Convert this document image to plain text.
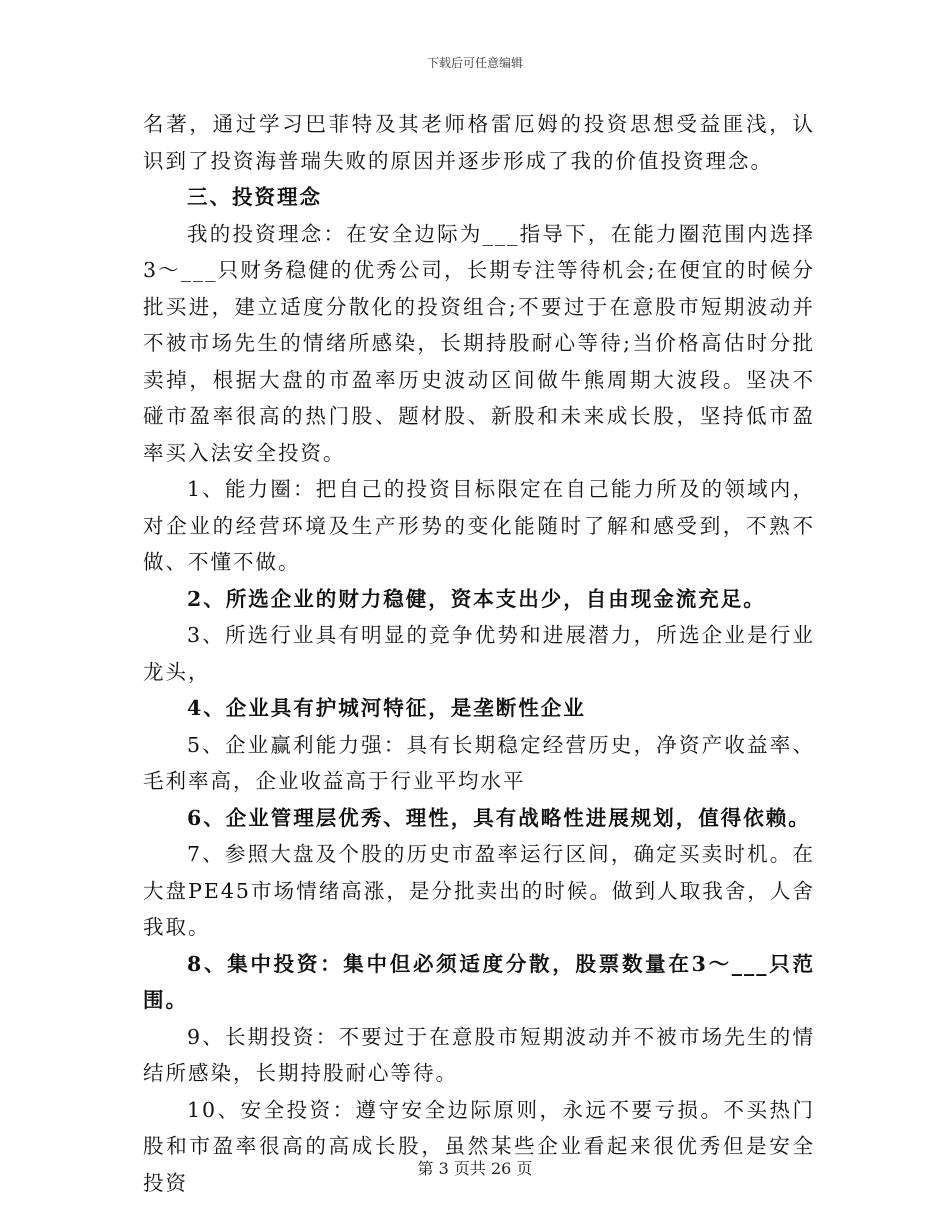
下载后可任意编辑

名著，通过学习巴菲特及其老师格雷厄姆的投资思想受益匪浅，认识到了投资海普瑞失败的原因并逐步形成了我的价值投资理念。

三、投资理念

我的投资理念：在安全边际为___指导下，在能力圈范围内选择3～___只财务稳健的优秀公司，长期专注等待机会;在便宜的时候分批买进，建立适度分散化的投资组合;不要过于在意股市短期波动并不被市场先生的情绪所感染，长期持股耐心等待;当价格高估时分批卖掉，根据大盘的市盈率历史波动区间做牛熊周期大波段。坚决不碰市盈率很高的热门股、题材股、新股和未来成长股，坚持低市盈率买入法安全投资。

1、能力圈：把自己的投资目标限定在自己能力所及的领域内，对企业的经营环境及生产形势的变化能随时了解和感受到，不熟不做、不懂不做。

2、所选企业的财力稳健，资本支出少，自由现金流充足。

3、所选行业具有明显的竞争优势和进展潜力，所选企业是行业龙头，

4、企业具有护城河特征，是垄断性企业

5、企业赢利能力强：具有长期稳定经营历史，净资产收益率、毛利率高，企业收益高于行业平均水平

6、企业管理层优秀、理性，具有战略性进展规划，值得依赖。

7、参照大盘及个股的历史市盈率运行区间，确定买卖时机。在大盘PE45市场情绪高涨，是分批卖出的时候。做到人取我舍，人舍我取。

8、集中投资：集中但必须适度分散，股票数量在3～___只范围。

9、长期投资：不要过于在意股市短期波动并不被市场先生的情结所感染，长期持股耐心等待。

10、安全投资：遵守安全边际原则，永远不要亏损。不买热门股和市盈率很高的高成长股，虽然某些企业看起来很优秀但是安全投资

第 3 页共 26 页
